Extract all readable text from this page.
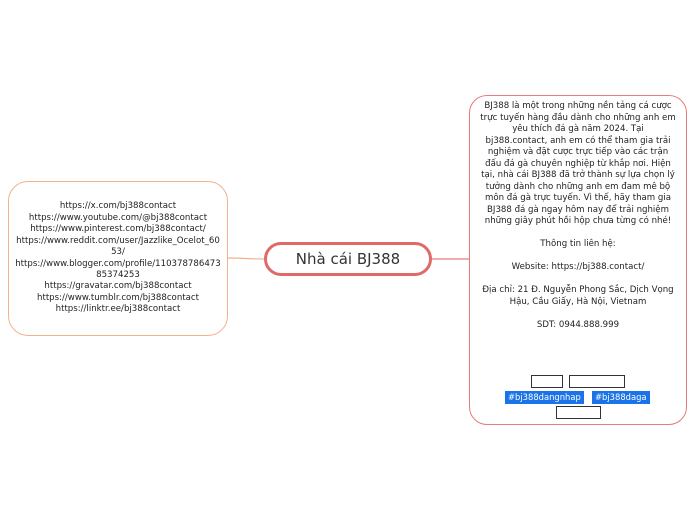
Nhà cái BJ388
https://x.com/bj388contact
https://www.youtube.com/@bj388contact
https://www.pinterest.com/bj388contact/
https://www.reddit.com/user/Jazzlike_Ocelot_6053/
https://www.blogger.com/profile/11037878647385374253
https://gravatar.com/bj388contact
https://www.tumblr.com/bj388contact
https://linktr.ee/bj388contact

BJ388 là một trong những nền tảng cá cược trực tuyến hàng đầu dành cho những anh em yêu thích đá gà năm 2024. Tại bj388.contact, anh em có thể tham gia trải nghiệm và đặt cược trực tiếp vào các trận đấu đá gà chuyên nghiệp từ khắp nơi. Hiện tại, nhà cái BJ388 đã trở thành sự lựa chọn lý tưởng dành cho những anh em đam mê bộ môn đá gà trực tuyến. Vì thế, hãy tham gia BJ388 đá gà ngay hôm nay để trải nghiệm những giây phút hồi hộp chưa từng có nhé!

Thông tin liên hệ:

Website: https://bj388.contact/

Địa chỉ: 21 Đ. Nguyễn Phong Sắc, Dịch Vọng Hậu, Cầu Giấy, Hà Nội, Vietnam

SDT: 0944.888.999

#bj388dangnhap	#bj388daga
